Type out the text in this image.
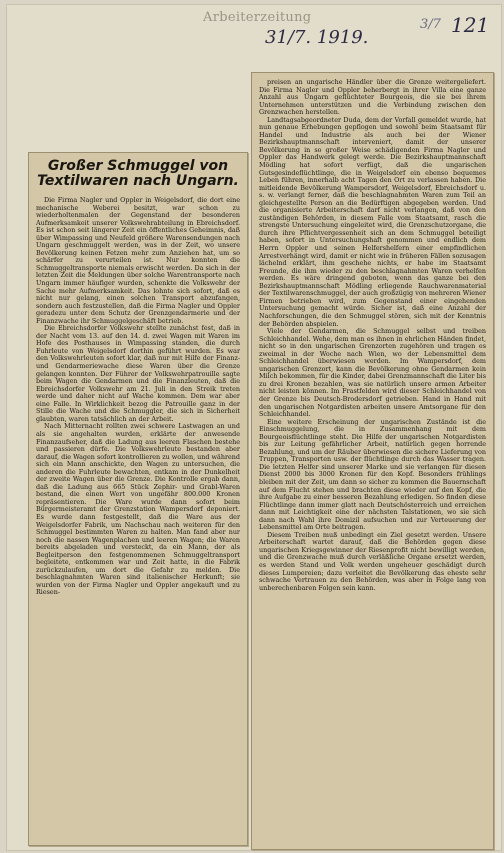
Arbeiterzeitung
31/7. 1919.
3/7 121
Großer Schmuggel von Textilwaren nach Ungarn.

Die Firma Nagler und Oppler in Weigelsdorf, die dort eine mechanische Weberei besitzt, war schon zu wiederholtenmalen der Gegenstand der besonderen Aufmerksamkeit unserer Volkswehrabteilung in Ebreichsdorf. Es ist schon seit längerer Zeit ein öffentliches Geheimnis, daß über Wimpassing und Neufeld größere Warensendungen nach Ungarn geschmuggelt werden, was in der Zeit, wo unsere Bevölkerung keinen Fetzen mehr zum Anziehen hat, um so schärfer zu verurteilen ist. Nur konnten die Schmuggeltransporte niemals erwischt werden. Da sich in der letzten Zeit die Meldungen über solche Warentransporte nach Ungarn immer häufiger wurden, schenkte die Volkswehr der Sache mehr Aufmerksamkeit. Das lohnte sich sofort, daß es nicht nur gelang, einen solchen Transport abzufangen, sondern auch festzustellen, daß die Firma Nagler und Oppler geradezu unter dem Schutz der Grenzgendarmerie und der Finanzwache ihr Schmuggelgeschäft betrieb.

Die Ebreichsdorfer Volkswehr stellte zunächst fest, daß in der Nacht vom 13. auf den 14. d. zwei Wagen mit Waren im Hofe des Posthauses in Wimpassing standen, die durch Fuhrleute von Weigelsdorf dorthin geführt wurden. Es war den Volkswehrleuten sofort klar, daß nur mit Hilfe der Finanz- und Gendarmeriewache diese Waren über die Grenze gelangen konnten. Der Führer der Volkswehrpatrouille sagte beim Wagen die Gendarmen und die Finanzleuten, daß die Ebreichsdorfer Volkswehr am 21. Juli in den Streik treten werde und daher nicht auf Wache kommen. Dem war aber eine Falle. In Wirklichkeit bezog die Patrouille ganz in der Stille die Wache und die Schmuggler, die sich in Sicherheit glaubten, waren tatsächlich an der Arbeit.

Nach Mitternacht rollten zwei schwere Lastwagen an und als sie angehalten wurden, erklärte der anwesende Finanzaufseher, daß die Ladung aus leeren Flaschen bestehe und passieren dürfe. Die Volkswehrleute bestanden aber darauf, die Wagen sofort kontrollieren zu wollen, und während sich ein Mann anschickte, den Wagen zu untersuchen, die anderen die Fuhrleute bewachten, entkam in der Dunkelheit der zweite Wagen über die Grenze. Die Kontrolle ergab dann, daß die Ladung aus 665 Stück Zephir- und Grabl-Waren bestand, die einen Wert von ungefähr 800.000 Kronen repräsentieren. Die Ware wurde dann sofort beim Bürgermeisteramt der Grenzstation Wampersdorf deponiert. Es wurde dann festgestellt, daß die Ware aus der Weigelsdorfer Fabrik, um Nachschau nach weiteren für den Schmuggel bestimmten Waren zu halten. Man fand aber nur noch die nassen Wagenplachen und leeren Wagen; die Waren bereits abgeladen und versteckt, da ein Mann, der als Begleitperson den festgenommenen Schmuggeltransport begleitete, entkommen war und Zeit hatte, in die Fabrik zurückzulaufen, um dort die Gefahr zu melden. Die beschlagnahmten Waren sind italienischer Herkunft; sie wurden von der Firma Nagler und Oppler angekauft und zu Riesen-

preisen an ungarische Händler über die Grenze weitergeliefert. Die Firma Nagler und Oppler beherbergt in ihrer Villa eine ganze Anzahl aus Ungarn geflüchteter Bourgeois, die sie bei ihrem Unternehmen unterstützen und die Verbindung zwischen den Grenzwachen herstellen.

Landtagsabgeordneter Duda, dem der Vorfall gemeldet wurde, hat nun genaue Erhebungen gepflogen und sowohl beim Staatsamt für Handel und Industrie als auch bei der Wiener Bezirkshauptmannschaft interveniert, damit der unserer Bevölkerung in so großer Weise schädigenden Firma Nagler und Oppler das Handwerk gelegt werde. Die Bezirkshauptmannschaft Mödling hat sofort verfügt, daß die ungarischen Gutsgesindeflüchtlinge, die in Weigelsdorf ein ebenso bequemes Leben führen, innerhalb acht Tagen den Ort zu verlassen haben. Die mitleidende Bevölkerung Wampersdorf, Weigelsdorf, Ebreichsdorf u. s. w. verlangt ferner, daß die beschlagnahmten Waren zum Teil an gleichgestellte Person an die Bedürftigen abgegeben werden. Und die organisierte Arbeiterschaft darf nicht verlangen, daß von den zuständigen Behörden, in diesem Falle vom Staatsamt, rasch die strengste Untersuchung eingeleitet wird, die Grenzschutzorgane, die durch ihre Pflichtvergessenheit sich an dem Schmuggel beteiligt haben, sofort in Untersuchungshaft genommen und endlich dem Herrn Oppler und seinen Helfershelfern einer empfindlichen Arrestverhängt wird, damit er nicht wie in früheren Fällen sozusagen lächelnd erklärt, ihm geschehe nichts, er habe im Staatsamt Freunde, die ihm wieder zu den beschlagnahmten Waren verhelfen werden. Es wäre dringend geboten, wenn das ganze bei den Bezirkshauptmannschaft Mödling erliegende Rauchwarenmaterial der Textilwarenschmuggel, der auch großzügig von mehreren Wiener Firmen betrieben wird, zum Gegenstand einer eingehenden Untersuchung gemacht würde. Sicher ist, daß eine Anzahl der Nachforschungen, die den Schmuggel stören, sich mit der Kenntnis der Behörden abspielen.

Viele der Gendarmen, die Schmuggel selbst und treiben Schleichhandel. Wehe, dem man es ihnen in ehrlichen Händen findet, nicht so in den ungarischen Grenzorten zugehören und tragen es zweimal in der Woche nach Wien, wo der Lebensmittel dem Schleichhandel überwiesen werden. Im Wampersdorf, dem ungarischen Grenzort, kann die Bevölkerung ohne Gendarmen kein Milch bekommen, für die Kinder, dabei Grenzmannschaft die Liter bis zu drei Kronen bezahlen, was sie natürlich unsere armen Arbeiter nicht leisten können. Im Frastfelden wird dieser Schleichhandel von der Grenze bis Deutsch-Brodersdorf getrieben. Hand in Hand mit den ungarischen Notgardisten arbeiten unsere Amtsorgane für den Schleichhandel.

Eine weitere Erscheinung der ungarischen Zustände ist die Einschmuggelung, die in Zusammenhang mit dem Bourgeoisflüchtlinge steht. Die Hilfe der ungarischen Notgardisten bis zur Leitung gefährlicher Arbeit, natürlich gegen horrende Bezahlung, und um der Räuber überwiesen die sichere Lieferung von Truppen, Transporten usw. der flüchtlinge durch das Wasser tragen. Die letzten Helfer sind unserer Marke und sie verlangen für diesen Dienst 2000 bis 3000 Kronen für den Kopf. Besonders frühlings bleiben mit der Zeit, um dann so sicher zu kommen die Bauernschaft auf dem Flucht stehen und brachten diese wieder auf den Kopf, die ihre Aufgabe zu einer besseren Bezahlung erledigen. So finden diese Flüchtlinge dann immer glatt nach Deutschösterreich und erreichen dann mit Leichtigkeit eine der nächsten Talstationen, wo sie sich dann nach Wahl ihre Domizil aufsuchen und zur Verteuerung der Lebensmittel am Orte beitragen.

Diesem Treiben muß unbedingt ein Ziel gesetzt werden. Unsere Arbeiterschaft wartet darauf, daß die Behörden gegen diese ungarischen Kriegsgewinner der Riesenprofit nicht bewilligt werden, und die Grenzwache muß durch verläßliche Organe ersetzt werden, es werden Stand und Volk werden ungeheuer geschädigt durch dieses Lumpereien; dazu verleitet die Bevölkerung das eheste sehr schwache Vertrauen zu den Behörden, was aber in Folge lang von unberechenbaren Folgen sein kann.
